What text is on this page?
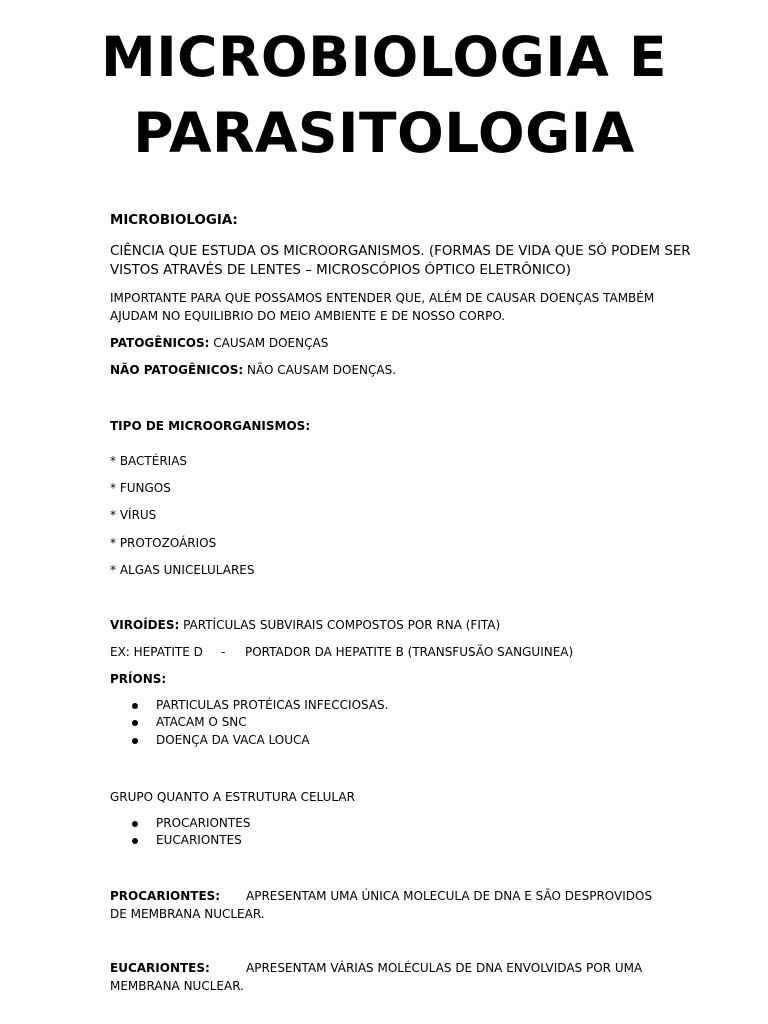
MICROBIOLOGIA E
PARASITOLOGIA
MICROBIOLOGIA:
CIÊNCIA QUE ESTUDA OS MICROORGANISMOS. (FORMAS DE VIDA QUE SÓ PODEM SER
VISTOS ATRAVÉS DE LENTES – MICROSCÓPIOS ÓPTICO ELETRÔNICO)
IMPORTANTE PARA QUE POSSAMOS ENTENDER QUE, ALÉM DE CAUSAR DOENÇAS TAMBÉM
AJUDAM NO EQUILIBRIO DO MEIO AMBIENTE E DE NOSSO CORPO.
PATOGÊNICOS: CAUSAM DOENÇAS
NÃO PATOGÊNICOS: NÃO CAUSAM DOENÇAS.
TIPO DE MICROORGANISMOS:
* BACTÉRIAS
* FUNGOS
* VÍRUS
* PROTOZOÁRIOS
* ALGAS UNICELULARES
VIROÍDES: PARTÍCULAS SUBVIRAIS COMPOSTOS POR RNA (FITA)
EX: HEPATITE D - PORTADOR DA HEPATITE B (TRANSFUSÃO SANGUINEA)
PRÍONS:
PARTICULAS PROTÉICAS INFECCIOSAS.
ATACAM O SNC
DOENÇA DA VACA LOUCA
GRUPO QUANTO A ESTRUTURA CELULAR
PROCARIONTES
EUCARIONTES
PROCARIONTES: APRESENTAM UMA ÚNICA MOLECULA DE DNA E SÃO DESPROVIDOS
DE MEMBRANA NUCLEAR.
EUCARIONTES:	APRESENTAM VÁRIAS MOLÉCULAS DE DNA ENVOLVIDAS POR UMA
MEMBRANA NUCLEAR.
